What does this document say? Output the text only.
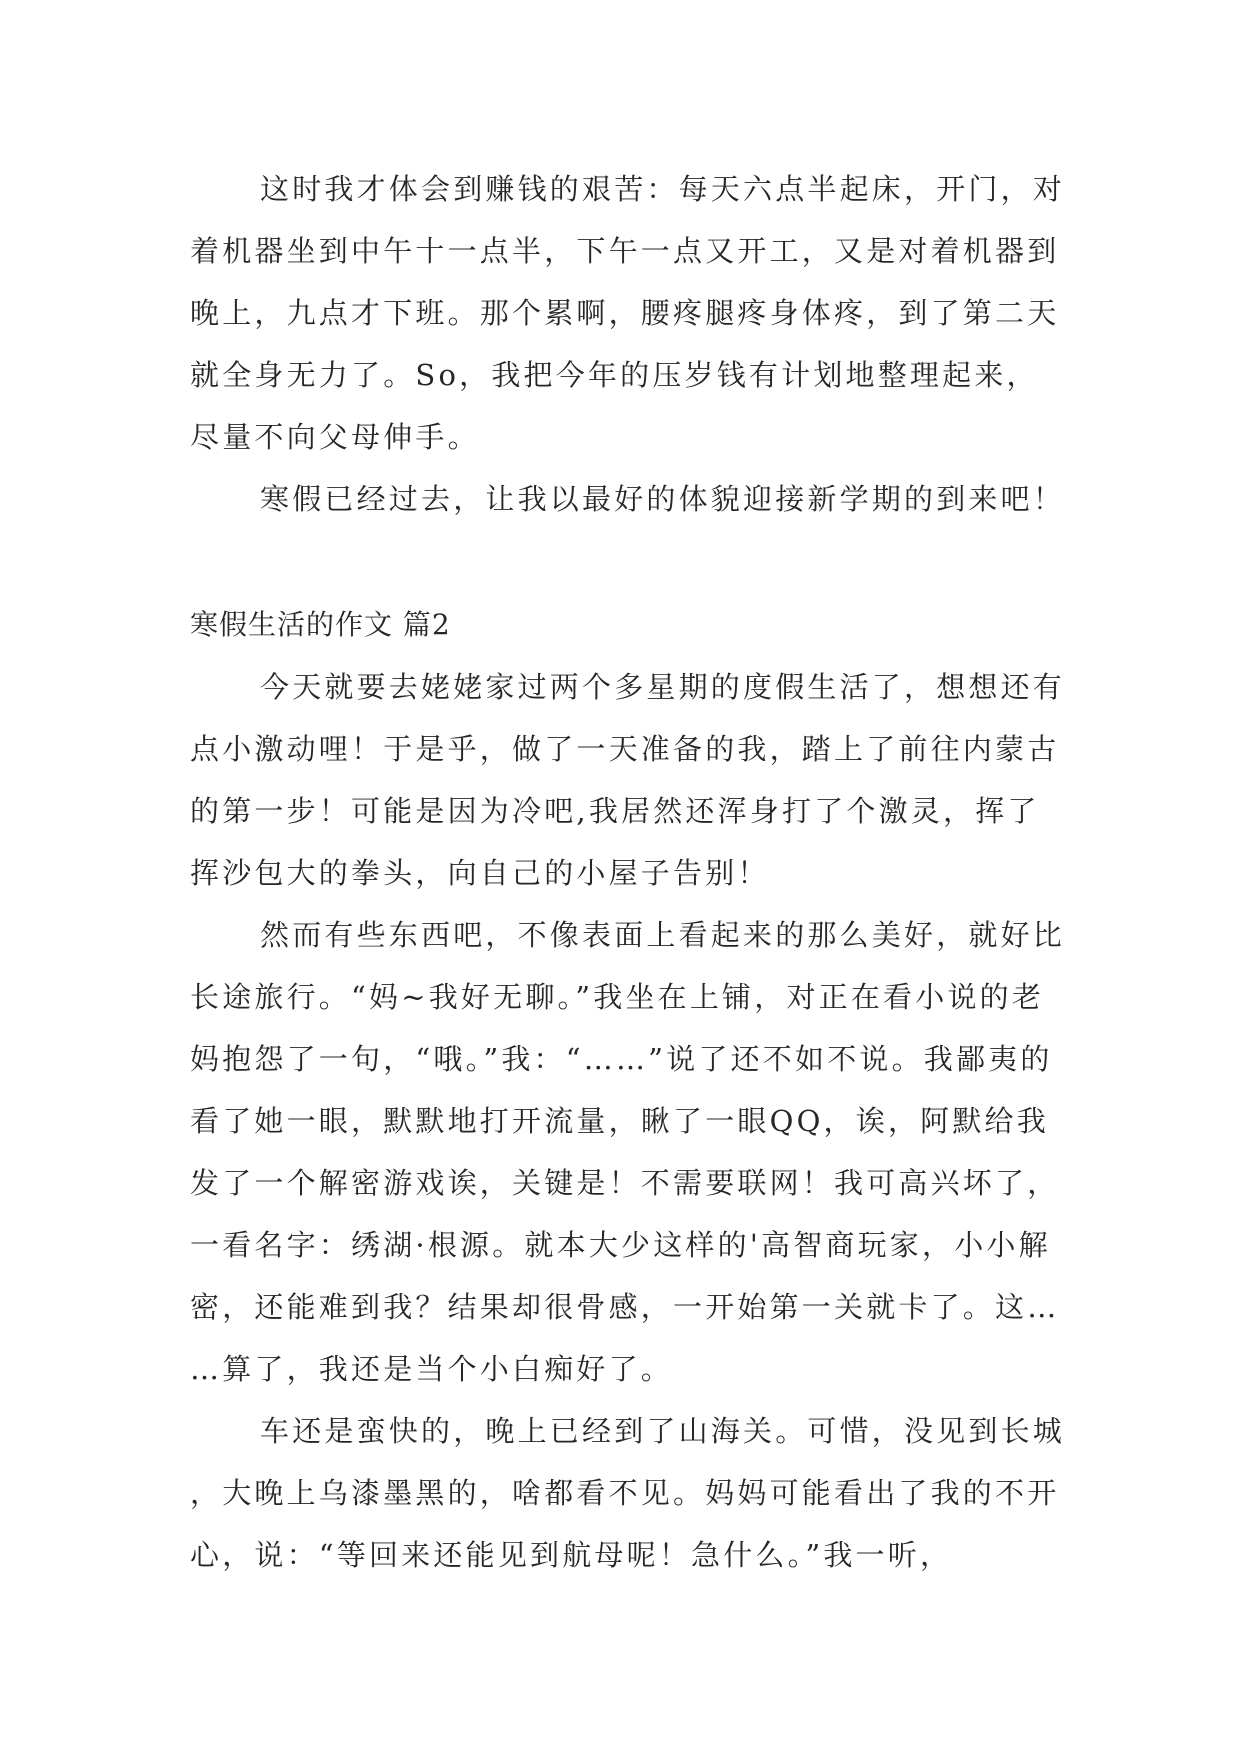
这时我才体会到赚钱的艰苦：每天六点半起床，开门，对着机器坐到中午十一点半，下午一点又开工，又是对着机器到晚上，九点才下班。那个累啊，腰疼腿疼身体疼，到了第二天就全身无力了。So，我把今年的压岁钱有计划地整理起来，尽量不向父母伸手。

寒假已经过去，让我以最好的体貌迎接新学期的到来吧！

寒假生活的作文 篇2

今天就要去姥姥家过两个多星期的度假生活了，想想还有点小激动哩！于是乎，做了一天准备的我，踏上了前往内蒙古的第一步！可能是因为冷吧,我居然还浑身打了个激灵，挥了挥沙包大的拳头，向自己的小屋子告别！

然而有些东西吧，不像表面上看起来的那么美好，就好比长途旅行。“妈~我好无聊。”我坐在上铺，对正在看小说的老妈抱怨了一句，“哦。”我：“……”说了还不如不说。我鄙夷的看了她一眼，默默地打开流量，瞅了一眼QQ，诶，阿默给我发了一个解密游戏诶，关键是！不需要联网！我可高兴坏了，一看名字：绣湖·根源。就本大少这样的'高智商玩家，小小解密，还能难到我？结果却很骨感，一开始第一关就卡了。这……算了，我还是当个小白痴好了。

车还是蛮快的，晚上已经到了山海关。可惜，没见到长城，大晚上乌漆墨黑的，啥都看不见。妈妈可能看出了我的不开心，说：“等回来还能见到航母呢！急什么。”我一听，
